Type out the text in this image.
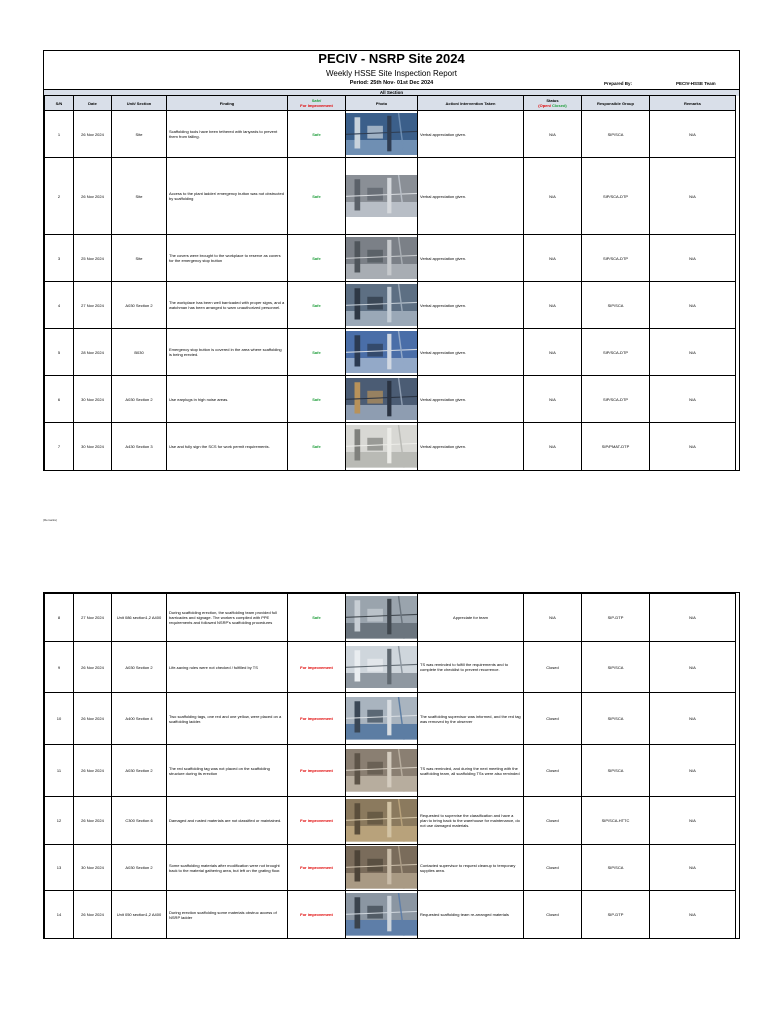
PECIV - NSRP Site 2024
Weekly HSSE Site Inspection Report
Period: 25th Nov- 01st Dec 2024	Prepared By:	PECIV-HSSE Team
All Section
S/N	Date	Unit/ Section	Finding	Safe/
For Improvement	Photo	Action/ Intervention Taken	Status
(Open/ Closed)	Responsible Group	Remarks
1	26 Nov 2024	Site	Scaffolding tools have been tethered with lanyards to prevent them from falling.	Safe		Verbal appreciation given.	N/A	SIP/SCA	N/A
2	26 Nov 2024	Site	Access to the plant ladder/ emergency button was not obstructed by scaffolding	Safe		Verbal appreciation given.	N/A	SIP/SCA-DTP	N/A
3	25 Nov 2024	Site	The covers were brought to the workplace to reserve as covers for the emergency stop button	Safe		Verbal appreciation given.	N/A	SIP/SCA-DTP	N/A
4	27 Nov 2024	A030 Section 2	The workplace has been well barricaded with proper signs, and a watchman has been arranged to warn unauthorized personnel.	Safe		Verbal appreciation given.	N/A	SIP/SCA	N/A
5	28 Nov 2024	B030	Emergency stop button is covered in the area where scaffolding is being erected.	Safe		Verbal appreciation given.	N/A	SIP/SCA-DTP	N/A
6	30 Nov 2024	A030 Section 2	Use earplugs in high noise areas.	Safe		Verbal appreciation given.	N/A	SIP/SCA-DTP	N/A
7	30 Nov 2024	A430 Section 3	Use and fully sign the SCS for work permit requirements.	Safe		Verbal appreciation given.	N/A	SIP/PMAT-DTP	N/A
(Remarks)
8	27 Nov 2024	Unit 086 section1,2 A400	During scaffolding erection, the scaffolding team provided full barricades and signage. The workers complied with PPE requirements and followed NSRP's scaffolding procedures	Safe		Appreciate for team	N/A	SIP-DTP	N/A
9	26 Nov 2024	A030 Section 2	Life-saving rules were not checked / fulfilled by TS	For improvement		TS was reminded to fulfill the requirements and to complete the checklist to prevent recurrence.	Closed	SIP/SCA	N/A
10	26 Nov 2024	A400 Section 4	Two scaffolding tags, one red and one yellow, were placed on a scaffolding ladder.	For improvement		The scaffolding supervisor was informed, and the red tag was removed by the observer	Closed	SIP/SCA	N/A
11	26 Nov 2024	A030 Section 2	The red scaffolding tag was not placed on the scaffolding structure during its erection	For improvement		TS was reminded, and during the next meeting with the scaffolding team, all scaffolding TSs were also reminded	Closed	SIP/SCA	N/A
12	26 Nov 2024	C300 Section 6	Damaged and rusted materials are not classified or maintained.	For improvement		Requested to supervise the classification and have a plan to bring back to the warehouse for maintenance, do not use damaged materials.	Closed	SIP/SCA-HTTC	N/A
13	30 Nov 2024	A030 Section 2	Some scaffolding materials after modification were not brought back to the material gathering area, but left on the grating floor.	For improvement		Contacted supervisor to request cleanup to temporary supplies area.	Closed	SIP/SCA	N/A
14	26 Nov 2024	Unit 050 section1,2 A400	During erection scaffolding some materials obstruc access of NSRP ladder	For improvement		Requested scaffolding team re-arranged materials	Closed	SIP-DTP	N/A
